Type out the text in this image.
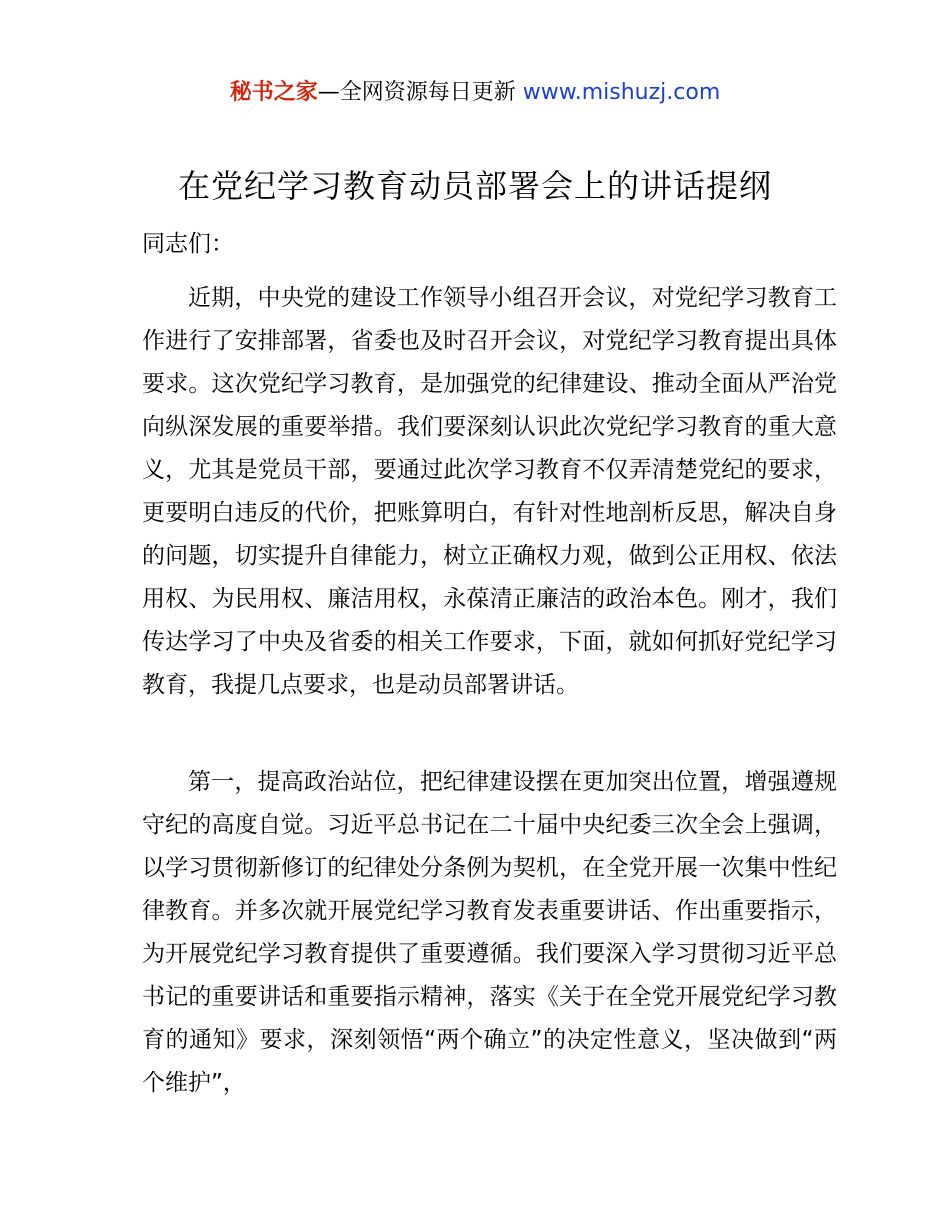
秘书之家—全网资源每日更新 www.mishuzj.com
在党纪学习教育动员部署会上的讲话提纲
同志们：

近期，中央党的建设工作领导小组召开会议，对党纪学习教育工作进行了安排部署，省委也及时召开会议，对党纪学习教育提出具体要求。这次党纪学习教育，是加强党的纪律建设、推动全面从严治党向纵深发展的重要举措。我们要深刻认识此次党纪学习教育的重大意义，尤其是党员干部，要通过此次学习教育不仅弄清楚党纪的要求，更要明白违反的代价，把账算明白，有针对性地剖析反思，解决自身的问题，切实提升自律能力，树立正确权力观，做到公正用权、依法用权、为民用权、廉洁用权，永葆清正廉洁的政治本色。刚才，我们传达学习了中央及省委的相关工作要求，下面，就如何抓好党纪学习教育，我提几点要求，也是动员部署讲话。

第一，提高政治站位，把纪律建设摆在更加突出位置，增强遵规守纪的高度自觉。习近平总书记在二十届中央纪委三次全会上强调，以学习贯彻新修订的纪律处分条例为契机，在全党开展一次集中性纪律教育。并多次就开展党纪学习教育发表重要讲话、作出重要指示，为开展党纪学习教育提供了重要遵循。我们要深入学习贯彻习近平总书记的重要讲话和重要指示精神，落实《关于在全党开展党纪学习教育的通知》要求，深刻领悟“两个确立”的决定性意义，坚决做到“两个维护”，
